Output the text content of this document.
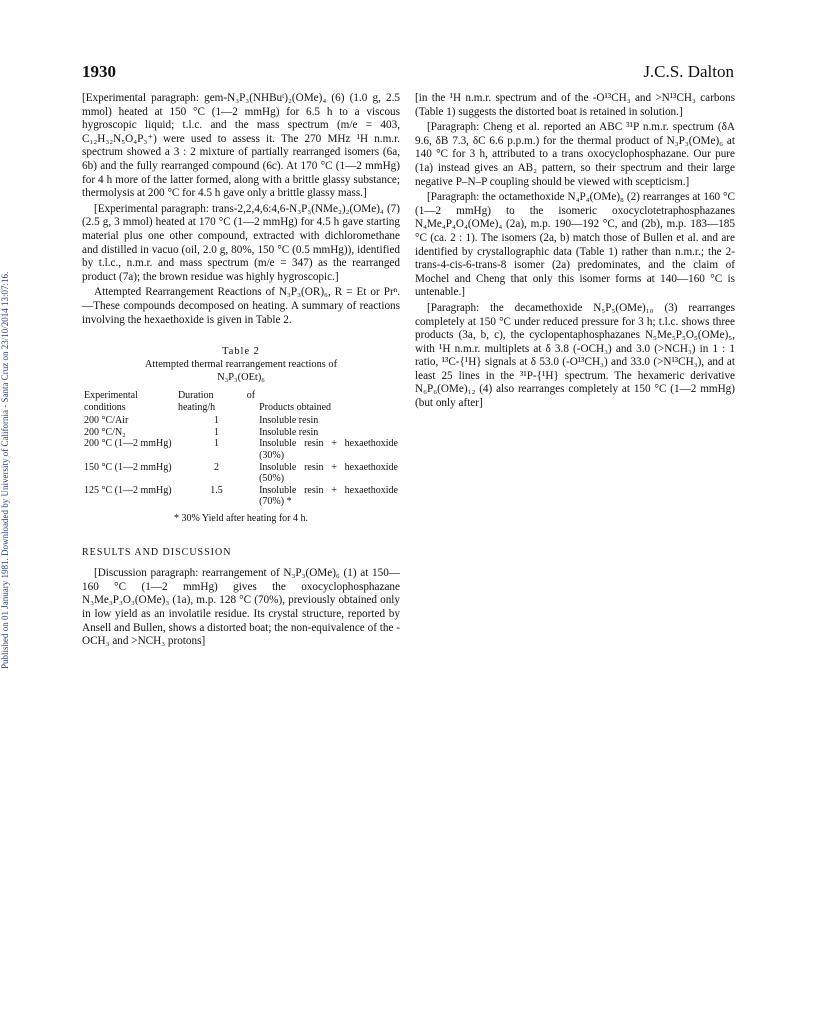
Published on 01 January 1981. Downloaded by University of California - Santa Cruz on 23/10/2014 13:07:16.
1930	J.C.S. Dalton

[Experimental paragraph: gem-N₃P₃(NHBuᵗ)₂(OMe)₄ (6) (1.0 g, 2.5 mmol) heated at 150 °C (1—2 mmHg) for 6.5 h to a viscous hygroscopic liquid; t.l.c. and the mass spectrum (m/e = 403, C₁₂H₃₂N₅O₄P₃⁺) were used to assess it. The 270 MHz ¹H n.m.r. spectrum showed a 3 : 2 mixture of partially rearranged isomers (6a, 6b) and the fully rearranged compound (6c). At 170 °C (1—2 mmHg) for 4 h more of the latter formed, along with a brittle glassy substance; thermolysis at 200 °C for 4.5 h gave only a brittle glassy mass.]

[Experimental paragraph: trans-2,2,4,6:4,6-N₃P₃(NMe₂)₂(OMe)₄ (7) (2.5 g, 3 mmol) heated at 170 °C (1—2 mmHg) for 4.5 h gave starting material plus one other compound, extracted with dichloromethane and distilled in vacuo (oil, 2.0 g, 80%, 150 °C (0.5 mmHg)), identified by t.l.c., n.m.r. and mass spectrum (m/e = 347) as the rearranged product (7a); the brown residue was highly hygroscopic.]

Attempted Rearrangement Reactions of N₃P₃(OR)₆, R = Et or Prⁿ.—These compounds decomposed on heating. A summary of reactions involving the hexaethoxide is given in Table 2.

Table 2
Attempted thermal rearrangement reactions of
N₃P₃(OEt)₆
Experimental conditions	Duration of heating/h	Products obtained
200 °C/Air	1	Insoluble resin
200 °C/N₂	1	Insoluble resin
200 °C (1—2 mmHg)	1	Insoluble resin + hexaethoxide (30%)
150 °C (1—2 mmHg)	2	Insoluble resin + hexaethoxide (50%)
125 °C (1—2 mmHg)	1.5	Insoluble resin + hexaethoxide (70%) *
* 30% Yield after heating for 4 h.

RESULTS AND DISCUSSION

[Discussion paragraph: rearrangement of N₃P₃(OMe)₆ (1) at 150—160 °C (1—2 mmHg) gives the oxocyclophosphazane N₃Me₃P₃O₃(OMe)₃ (1a), m.p. 128 °C (70%), previously obtained only in low yield as an involatile residue. Its crystal structure, reported by Ansell and Bullen, shows a distorted boat; the non-equivalence of the -OCH₃ and >NCH₃ protons]

[in the ¹H n.m.r. spectrum and of the -O¹³CH₃ and >N¹³CH₃ carbons (Table 1) suggests the distorted boat is retained in solution.]

[Paragraph: Cheng et al. reported an ABC ³¹P n.m.r. spectrum (δA 9.6, δB 7.3, δC 6.6 p.p.m.) for the thermal product of N₃P₃(OMe)₆ at 140 °C for 3 h, attributed to a trans oxocyclophosphazane. Our pure (1a) instead gives an AB₂ pattern, so their spectrum and their large negative P–N–P coupling should be viewed with scepticism.]

[Paragraph: the octamethoxide N₄P₄(OMe)₈ (2) rearranges at 160 °C (1—2 mmHg) to the isomeric oxocyclotetraphosphazanes N₄Me₄P₄O₄(OMe)₄ (2a), m.p. 190—192 °C, and (2b), m.p. 183—185 °C (ca. 2 : 1). The isomers (2a, b) match those of Bullen et al. and are identified by crystallographic data (Table 1) rather than n.m.r.; the 2-trans-4-cis-6-trans-8 isomer (2a) predominates, and the claim of Mochel and Cheng that only this isomer forms at 140—160 °C is untenable.]

[Paragraph: the decamethoxide N₅P₅(OMe)₁₀ (3) rearranges completely at 150 °C under reduced pressure for 3 h; t.l.c. shows three products (3a, b, c), the cyclopentaphosphazanes N₅Me₅P₅O₅(OMe)₅, with ¹H n.m.r. multiplets at δ 3.8 (-OCH₃) and 3.0 (>NCH₃) in 1 : 1 ratio, ¹³C-{¹H} signals at δ 53.0 (-O¹³CH₃) and 33.0 (>N¹³CH₃), and at least 25 lines in the ³¹P-{¹H} spectrum. The hexameric derivative N₆P₆(OMe)₁₂ (4) also rearranges completely at 150 °C (1—2 mmHg) (but only after]
